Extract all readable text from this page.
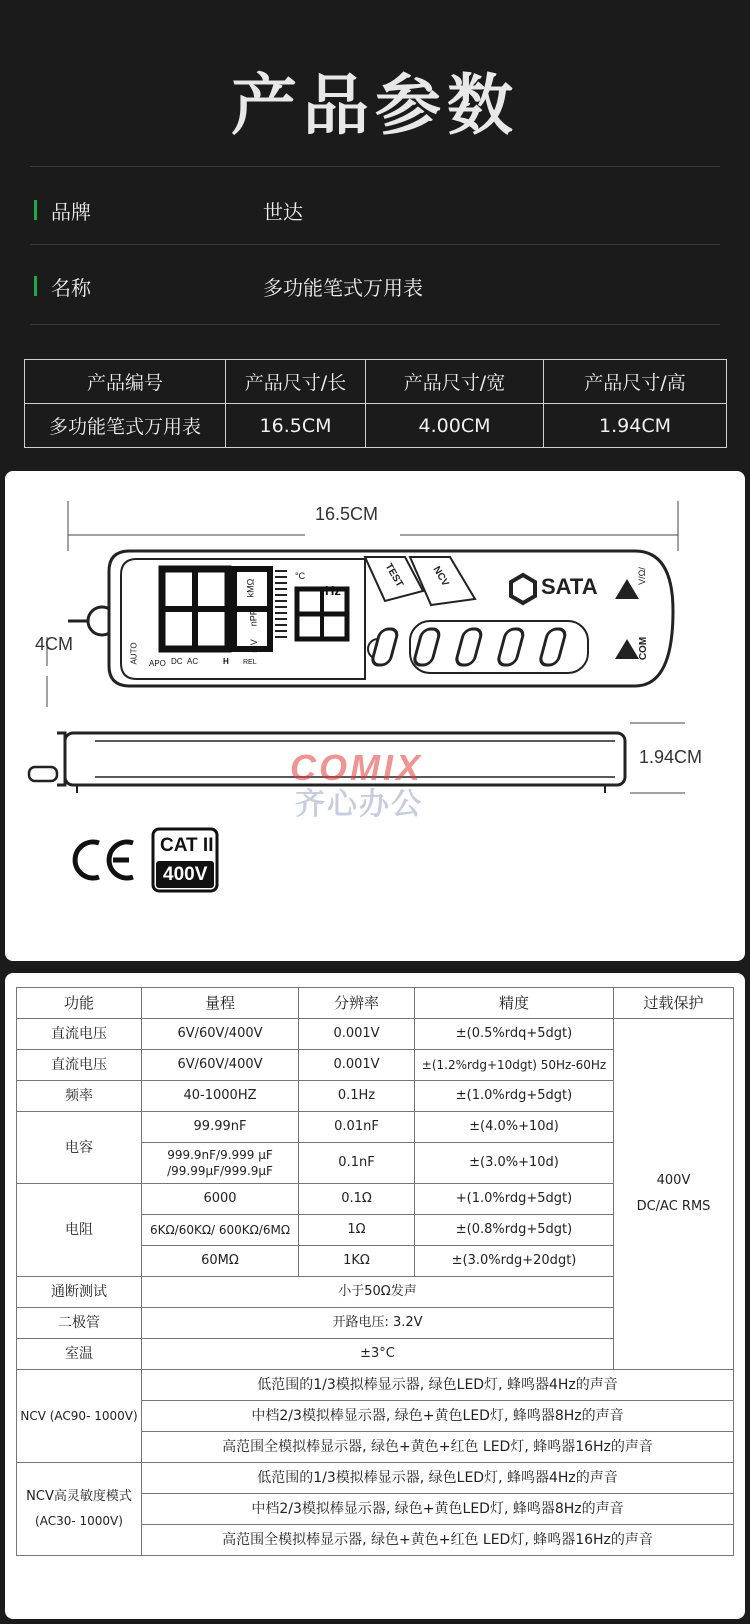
产品参数
品牌	世达
名称	多功能笔式万用表
产品编号	产品尺寸/长	产品尺寸/宽	产品尺寸/高
多功能笔式万用表	16.5CM	4.00CM	1.94CM
16.5CM
4CM
1.94CM
SATA
TEST	NCV	V/Ω/
COM
Hz
°C
AUTO APO DC AC	H REL
mV
nPF
kMΩ
COMIX
齐心办公
CAT II
400V
功能	量程	分辨率	精度	过载保护
直流电压	6V/60V/400V	0.001V	±(0.5%rdq+5dgt)	400V
DC/AC RMS

直流电压	6V/60V/400V	0.001V	±(1.2%rdg+10dgt) 50Hz-60Hz	
频率	40-1000HZ	0.1Hz	±(1.0%rdg+5dgt)	
电容	99.99nF	0.01nF	±(4.0%+10d)	
	999.9nF/9.999 µF /99.99µF/999.9µF	0.1nF	±(3.0%+10d)	
电阻	6000	0.1Ω	+(1.0%rdg+5dgt)	
	6KΩ/60KΩ/ 600KΩ/6MΩ	1Ω	±(0.8%rdg+5dgt)	
	60MΩ	1KΩ	±(3.0%rdg+20dgt)	
通断测试	小于50Ω发声			
二极管	开路电压: 3.2V			
室温	±3°C			
NCV (AC90- 1000V)	低范围的1/3模拟棒显示器, 绿色LED灯, 蜂鸣器4Hz的声音			
	中档2/3模拟棒显示器, 绿色+黄色LED灯, 蜂鸣器8Hz的声音			
	高范围全模拟棒显示器, 绿色+黄色+红色 LED灯, 蜂鸣器16Hz的声音			

NCV高灵敏度模式
(AC30- 1000V)	低范围的1/3模拟棒显示器, 绿色LED灯, 蜂鸣器4Hz的声音			
	中档2/3模拟棒显示器, 绿色+黄色LED灯, 蜂鸣器8Hz的声音			
	高范围全模拟棒显示器, 绿色+黄色+红色 LED灯, 蜂鸣器16Hz的声音			
